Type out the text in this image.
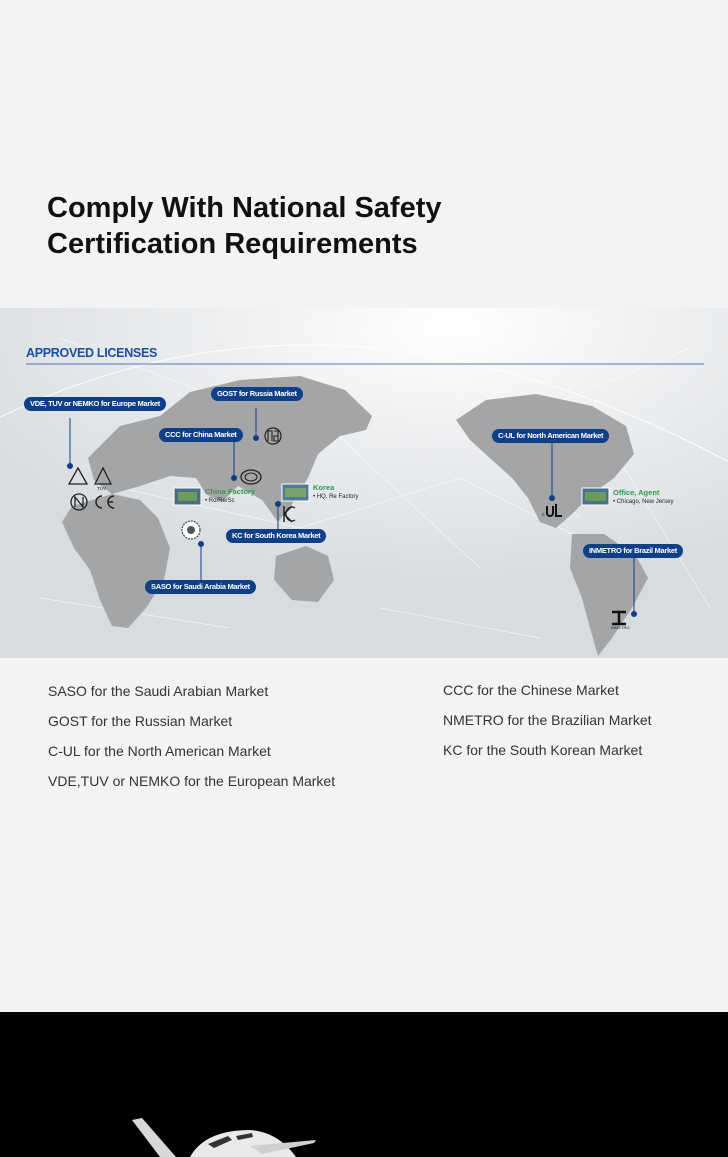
Comply With National Safety
Certification Requirements
c

APPROVED LICENSES

VDE, TUV or NEMKO for Europe Market
GOST for Russia Market
CCC for China Market	C-UL for North American Market
KC for South Korea Market
SASO for Saudi Arabia Market
INMETRO for Brazil Market
China Factory
• Ro/Re/Sc
Korea
• HQ, Re Factory	Office, Agent
• Chicago, New Jersey
TÜV
INMETRO
SASO for the Saudi Arabian Market
GOST for the Russian Market
C-UL for the North American Market
VDE,TUV or NEMKO for the European Market
CCC for the Chinese Market
NMETRO for the Brazilian Market
KC for the South Korean Market
